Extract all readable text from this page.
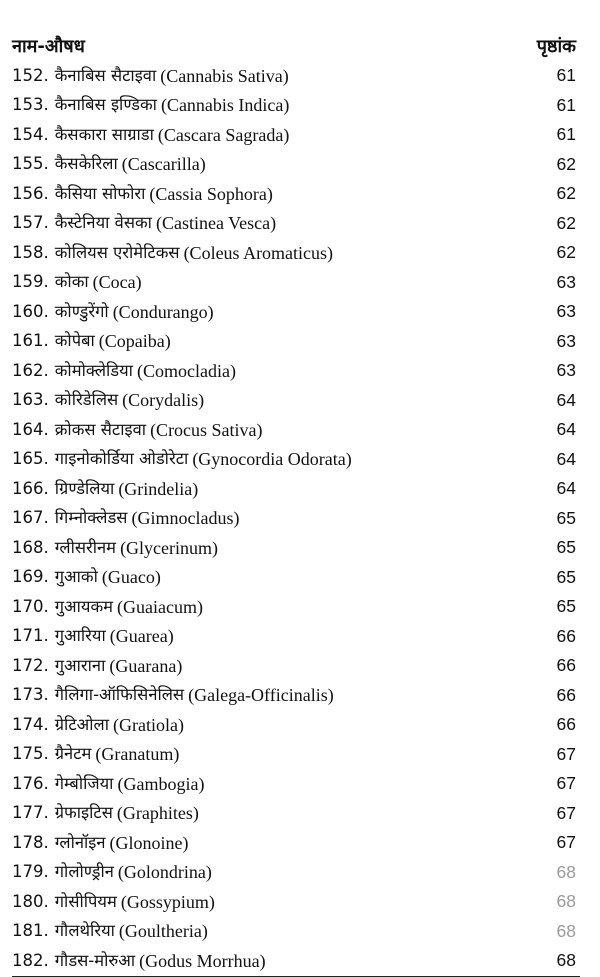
नाम-औषध	पृष्ठांक
152. कैनाबिस सैटाइवा (Cannabis Sativa)	61
153. कैनाबिस इण्डिका (Cannabis Indica)	61
154. कैसकारा साग्राडा (Cascara Sagrada)	61
155. कैसकेरिला (Cascarilla)	62
156. कैसिया सोफोरा (Cassia Sophora)	62
157. कैस्टेनिया वेसका (Castinea Vesca)	62
158. कोलियस एरोमेटिकस (Coleus Aromaticus)	62
159. कोका (Coca)	63
160. कोण्डुरेंगो (Condurango)	63
161. कोपेबा (Copaiba)	63
162. कोमोक्लेडिया (Comocladia)	63
163. कोरिडेलिस (Corydalis)	64
164. क्रोकस सैटाइवा (Crocus Sativa)	64
165. गाइनोकोर्डिया ओडोरेटा (Gynocordia Odorata)	64
166. ग्रिण्डेलिया (Grindelia)	64
167. गिम्नोक्लेडस (Gimnocladus)	65
168. ग्लीसरीनम (Glycerinum)	65
169. गुआको (Guaco)	65
170. गुआयकम (Guaiacum)	65
171. गुआरिया (Guarea)	66
172. गुआराना (Guarana)	66
173. गैलिगा-ऑफिसिनेलिस (Galega-Officinalis)	66
174. ग्रेटिओला (Gratiola)	66
175. ग्रैनेटम (Granatum)	67
176. गेम्बोजिया (Gambogia)	67
177. ग्रेफाइटिस (Graphites)	67
178. ग्लोनॉइन (Glonoine)	67
179. गोलोण्ड्रीन (Golondrina)	68
180. गोसीपियम (Gossypium)	68
181. गौलथेरिया (Goultheria)	68
182. गौडस-मोरुआ (Godus Morrhua)	68
